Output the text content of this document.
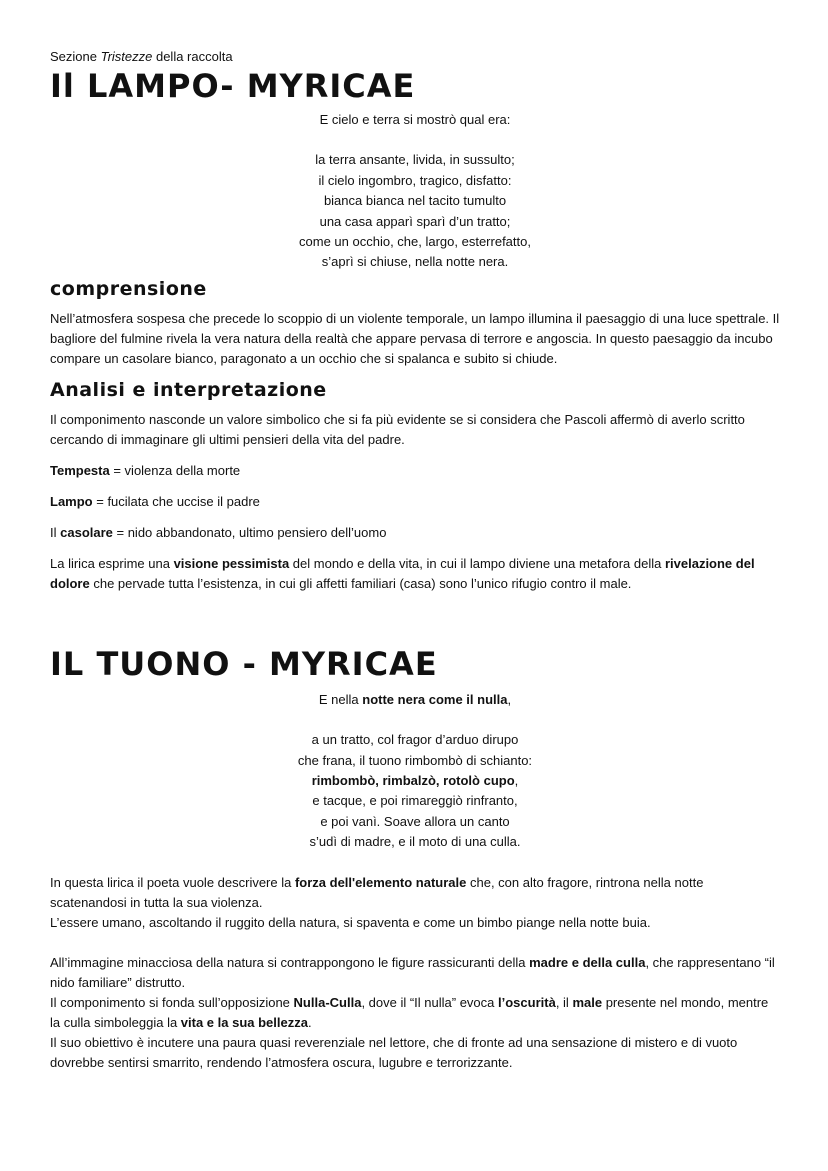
Sezione Tristezze della raccolta

Il LAMPO- MYRICAE
E cielo e terra si mostrò qual era:
la terra ansante, livida, in sussulto;
il cielo ingombro, tragico, disfatto:
bianca bianca nel tacito tumulto
una casa apparì sparì d’un tratto;
come un occhio, che, largo, esterrefatto,
s’aprì si chiuse, nella notte nera.
comprensione

Nell’atmosfera sospesa che precede lo scoppio di un violente temporale, un lampo illumina il paesaggio di una luce spettrale. Il bagliore del fulmine rivela la vera natura della realtà che appare pervasa di terrore e angoscia. In questo paesaggio da incubo compare un casolare bianco, paragonato a un occhio che si spalanca e subito si chiude.

Analisi e interpretazione

Il componimento nasconde un valore simbolico che si fa più evidente se si considera che Pascoli affermò di averlo scritto cercando di immaginare gli ultimi pensieri della vita del padre.

Tempesta = violenza della morte

Lampo = fucilata che uccise il padre

Il casolare = nido abbandonato, ultimo pensiero dell’uomo

La lirica esprime una visione pessimista del mondo e della vita, in cui il lampo diviene una metafora della rivelazione del dolore che pervade tutta l’esistenza, in cui gli affetti familiari (casa) sono l’unico rifugio contro il male.

IL TUONO - MYRICAE
E nella notte nera come il nulla,
a un tratto, col fragor d’arduo dirupo
che frana, il tuono rimbombò di schianto:
rimbombò, rimbalzò, rotolò cupo,
e tacque, e poi rimareggiò rinfranto,
e poi vanì. Soave allora un canto
s’udì di madre, e il moto di una culla.

In questa lirica il poeta vuole descrivere la forza dell'elemento naturale che, con alto fragore, rintrona nella notte scatenandosi in tutta la sua violenza.
L’essere umano, ascoltando il ruggito della natura, si spaventa e come un bimbo piange nella notte buia.

All’immagine minacciosa della natura si contrappongono le figure rassicuranti della madre e della culla, che rappresentano “il nido familiare” distrutto.
Il componimento si fonda sull’opposizione Nulla-Culla, dove il “Il nulla” evoca l’oscurità, il male presente nel mondo, mentre la culla simboleggia la vita e la sua bellezza.
Il suo obiettivo è incutere una paura quasi reverenziale nel lettore, che di fronte ad una sensazione di mistero e di vuoto dovrebbe sentirsi smarrito, rendendo l’atmosfera oscura, lugubre e terrorizzante.
